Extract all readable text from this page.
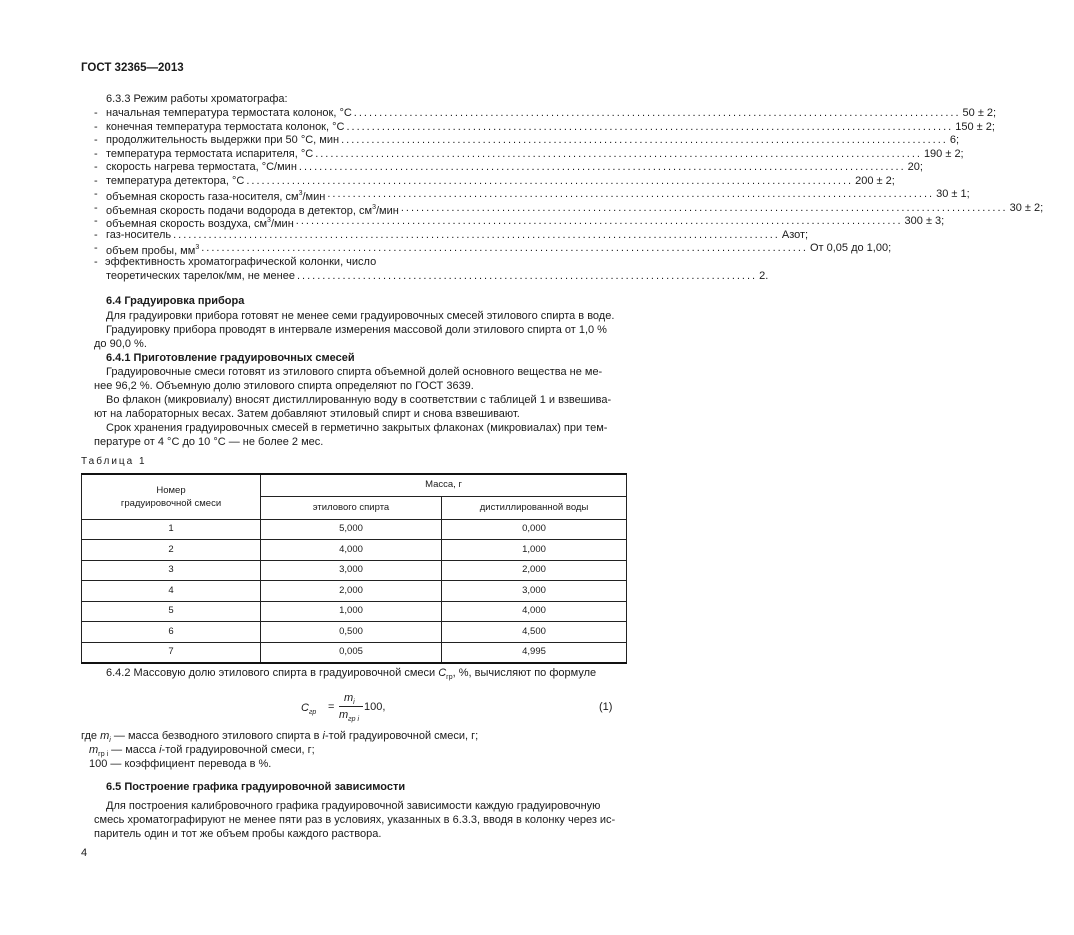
ГОСТ 32365—2013
6.3.3 Режим работы хроматографа:
- начальная температура термостата колонок, °С ........................................................................................................................ 50 ± 2;
- конечная температура термостата колонок, °С ........................................................................................................................ 150 ± 2;
- продолжительность выдержки при 50 °С, мин ........................................................................................................................ 6;
- температура термостата испарителя, °С ........................................................................................................................ 190 ± 2;
- скорость нагрева термостата, °С/мин ........................................................................................................................ 20;
- температура детектора, °С ........................................................................................................................ 200 ± 2;
- объемная скорость газа-носителя, $см^3$/мин ........................................................................................................................ 30 ± 1;
- объемная скорость подачи водорода в детектор, $см^3$/мин ........................................................................................................................ 30 ± 2;
- объемная скорость воздуха, $см^3$/мин ........................................................................................................................ 300 ± 3;
- газ-носитель ........................................................................................................................ Азот;
- объем пробы, $мм^3$ ........................................................................................................................ От 0,05 до 1,00;
- эффективность хроматографической колонки, число
теоретических тарелок/мм, не менее ........................................................................................... 2.
6.4 Градуировка прибора
Для градуировки прибора готовят не менее семи градуировочных смесей этилового спирта в воде.
Градуировку прибора проводят в интервале измерения массовой доли этилового спирта от 1,0 %
до 90,0 %.
6.4.1 Приготовление градуировочных смесей
Градуировочные смеси готовят из этилового спирта объемной долей основного вещества не ме-
нее 96,2 %. Объемную долю этилового спирта определяют по ГОСТ 3639.
Во флакон (микровиалу) вносят дистиллированную воду в соответствии с таблицей 1 и взвешива-
ют на лабораторных весах. Затем добавляют этиловый спирт и снова взвешивают.
Срок хранения градуировочных смесей в герметично закрытых флаконах (микровиалах) при тем-
пературе от 4 °С до 10 °С — не более 2 мес.
Таблица 1
Номер
градуировочной смеси	Масса, г	
	этилового спирта	дистиллированной воды
1	5,000	0,000
2	4,000	1,000
3	3,000	2,000
4	2,000	3,000
5	1,000	4,000
6	0,500	4,500
7	0,005	4,995
6.4.2 Массовую долю этилового спирта в градуировочной смеси $C_{гр}$, %, вычисляют по формуле
$C_{гр}$ =
$m_i$
$m_{гр i}$
100,	(1)
где $m_i$ — масса безводного этилового спирта в i-той градуировочной смеси, г;
$m_{гр i}$ — масса i-той градуировочной смеси, г;
100 — коэффициент перевода в %.
6.5 Построение графика градуировочной зависимости
Для построения калибровочного графика градуировочной зависимости каждую градуировочную
смесь хроматографируют не менее пяти раз в условиях, указанных в 6.3.3, вводя в колонку через ис-
паритель один и тот же объем пробы каждого раствора.
4
